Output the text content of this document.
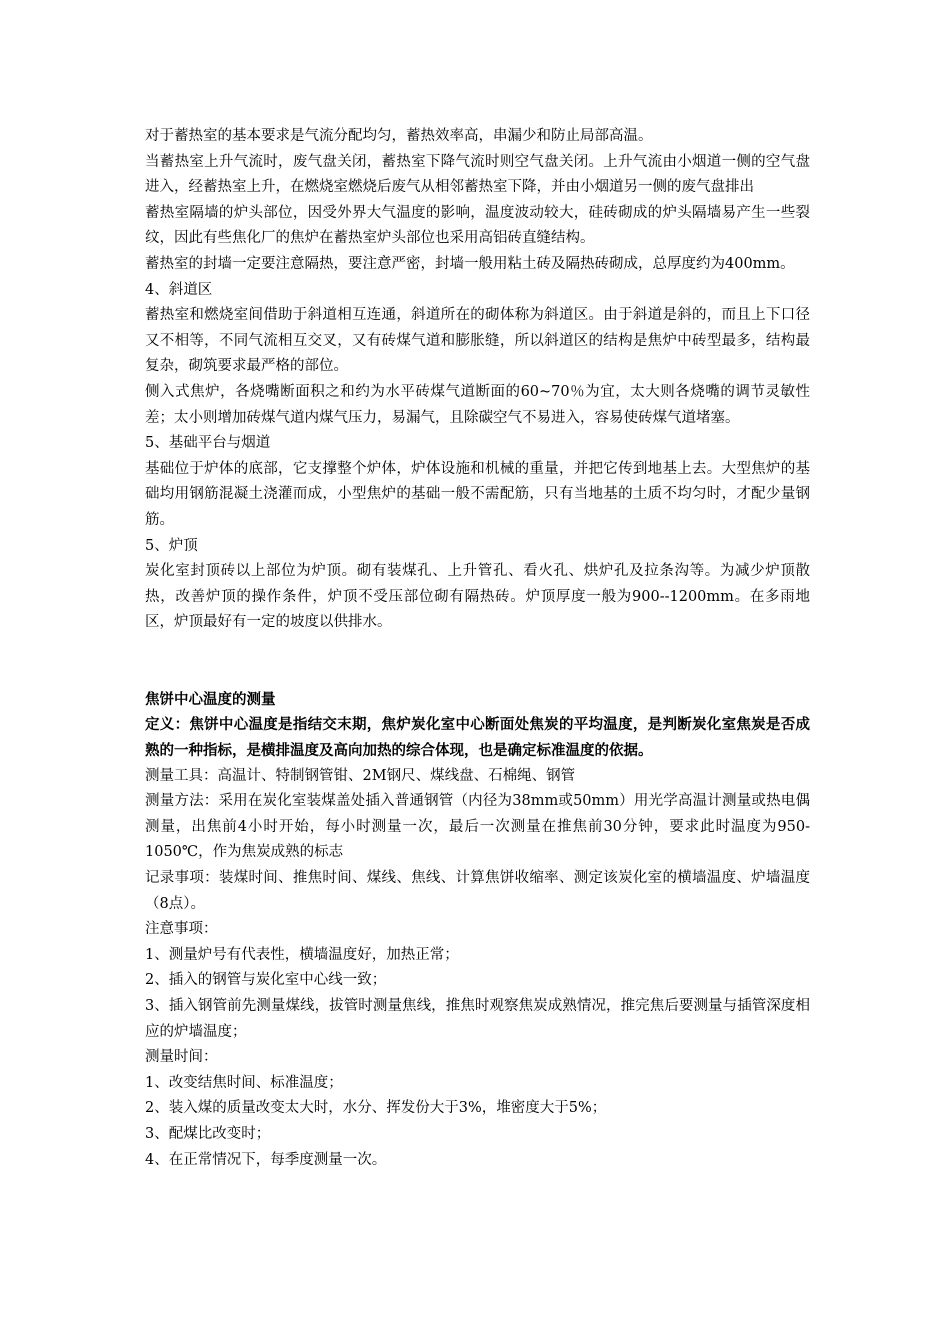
对于蓄热室的基本要求是气流分配均匀，蓄热效率高，串漏少和防止局部高温。

当蓄热室上升气流时，废气盘关闭，蓄热室下降气流时则空气盘关闭。上升气流由小烟道一侧的空气盘进入，经蓄热室上升，在燃烧室燃烧后废气从相邻蓄热室下降，并由小烟道另一侧的废气盘排出

蓄热室隔墙的炉头部位，因受外界大气温度的影响，温度波动较大，硅砖砌成的炉头隔墙易产生一些裂纹，因此有些焦化厂的焦炉在蓄热室炉头部位也采用高铝砖直缝结构。

蓄热室的封墙一定要注意隔热，要注意严密，封墙一般用粘土砖及隔热砖砌成，总厚度约为400mm。

4、斜道区

蓄热室和燃烧室间借助于斜道相互连通，斜道所在的砌体称为斜道区。由于斜道是斜的，而且上下口径又不相等，不同气流相互交叉，又有砖煤气道和膨胀缝，所以斜道区的结构是焦炉中砖型最多，结构最复杂，砌筑要求最严格的部位。

侧入式焦炉，各烧嘴断面积之和约为水平砖煤气道断面的60~70％为宜，太大则各烧嘴的调节灵敏性差；太小则增加砖煤气道内煤气压力，易漏气，且除碳空气不易进入，容易使砖煤气道堵塞。

5、基础平台与烟道

基础位于炉体的底部，它支撑整个炉体，炉体设施和机械的重量，并把它传到地基上去。大型焦炉的基础均用钢筋混凝土浇灌而成，小型焦炉的基础一般不需配筋，只有当地基的土质不均匀时，才配少量钢筋。

5、炉顶

炭化室封顶砖以上部位为炉顶。砌有装煤孔、上升管孔、看火孔、烘炉孔及拉条沟等。为减少炉顶散热，改善炉顶的操作条件，炉顶不受压部位砌有隔热砖。炉顶厚度一般为900--1200mm。在多雨地区，炉顶最好有一定的坡度以供排水。

焦饼中心温度的测量

定义：焦饼中心温度是指结交末期，焦炉炭化室中心断面处焦炭的平均温度，是判断炭化室焦炭是否成熟的一种指标，是横排温度及高向加热的综合体现，也是确定标准温度的依据。

测量工具：高温计、特制钢管钳、2M钢尺、煤线盘、石棉绳、钢管

测量方法：采用在炭化室装煤盖处插入普通钢管（内径为38mm或50mm）用光学高温计测量或热电偶测量，出焦前4小时开始，每小时测量一次，最后一次测量在推焦前30分钟，要求此时温度为950-1050℃，作为焦炭成熟的标志

记录事项：装煤时间、推焦时间、煤线、焦线、计算焦饼收缩率、测定该炭化室的横墙温度、炉墙温度（8点）。

注意事项：

1、测量炉号有代表性，横墙温度好，加热正常；

2、插入的钢管与炭化室中心线一致；

3、插入钢管前先测量煤线，拔管时测量焦线，推焦时观察焦炭成熟情况，推完焦后要测量与插管深度相应的炉墙温度；

测量时间：

1、改变结焦时间、标准温度；

2、装入煤的质量改变太大时，水分、挥发份大于3%，堆密度大于5%；

3、配煤比改变时；

4、在正常情况下，每季度测量一次。
